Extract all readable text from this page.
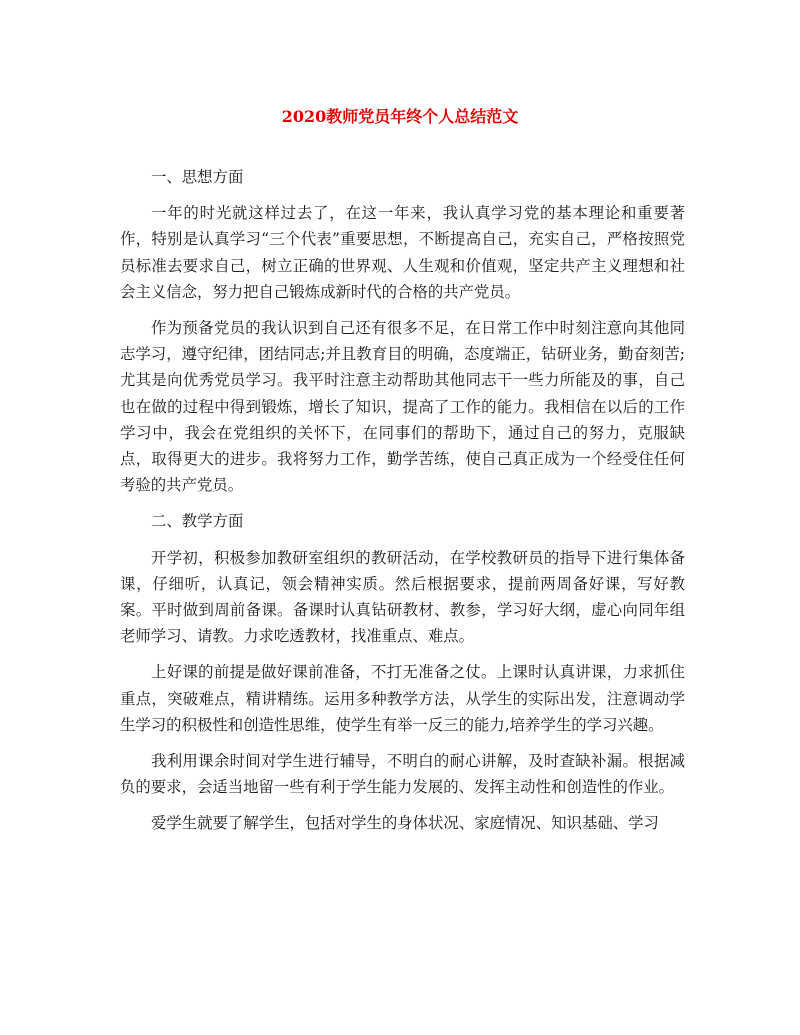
2020教师党员年终个人总结范文

一、思想方面

一年的时光就这样过去了，在这一年来，我认真学习党的基本理论和重要著作，特别是认真学习“三个代表”重要思想，不断提高自己，充实自己，严格按照党员标准去要求自己，树立正确的世界观、人生观和价值观，坚定共产主义理想和社会主义信念，努力把自己锻炼成新时代的合格的共产党员。

作为预备党员的我认识到自己还有很多不足，在日常工作中时刻注意向其他同志学习，遵守纪律，团结同志;并且教育目的明确，态度端正，钻研业务，勤奋刻苦;尤其是向优秀党员学习。我平时注意主动帮助其他同志干一些力所能及的事，自己也在做的过程中得到锻炼，增长了知识，提高了工作的能力。我相信在以后的工作学习中，我会在党组织的关怀下，在同事们的帮助下，通过自己的努力，克服缺点，取得更大的进步。我将努力工作，勤学苦练，使自己真正成为一个经受住任何考验的共产党员。

二、教学方面

开学初，积极参加教研室组织的教研活动，在学校教研员的指导下进行集体备课，仔细听，认真记，领会精神实质。然后根据要求，提前两周备好课，写好教案。平时做到周前备课。备课时认真钻研教材、教参，学习好大纲，虚心向同年组老师学习、请教。力求吃透教材，找准重点、难点。

上好课的前提是做好课前准备，不打无准备之仗。上课时认真讲课，力求抓住重点，突破难点，精讲精练。运用多种教学方法，从学生的实际出发，注意调动学生学习的积极性和创造性思维，使学生有举一反三的能力,培养学生的学习兴趣。

我利用课余时间对学生进行辅导，不明白的耐心讲解，及时查缺补漏。根据减负的要求，会适当地留一些有利于学生能力发展的、发挥主动性和创造性的作业。

爱学生就要了解学生，包括对学生的身体状况、家庭情况、知识基础、学习
